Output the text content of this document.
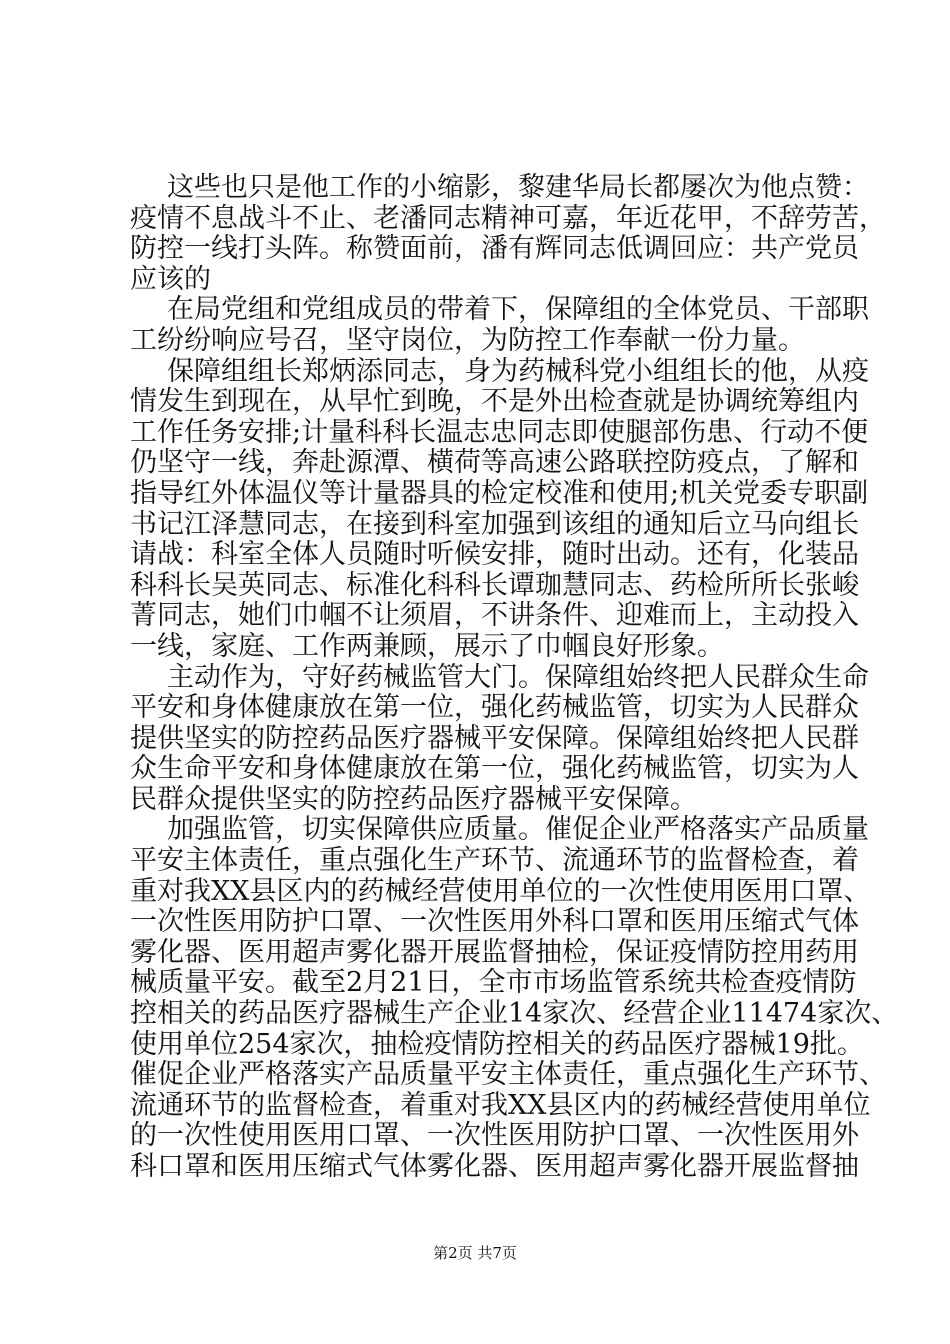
这些也只是他工作的小缩影，黎建华局长都屡次为他点赞：
疫情不息战斗不止、老潘同志精神可嘉，年近花甲，不辞劳苦，
防控一线打头阵。称赞面前，潘有辉同志低调回应：共产党员
应该的
在局党组和党组成员的带着下，保障组的全体党员、干部职
工纷纷响应号召，坚守岗位，为防控工作奉献一份力量。
保障组组长郑炳添同志，身为药械科党小组组长的他，从疫
情发生到现在，从早忙到晚，不是外出检查就是协调统筹组内
工作任务安排;计量科科长温志忠同志即使腿部伤患、行动不便
仍坚守一线，奔赴源潭、横荷等高速公路联控防疫点，了解和
指导红外体温仪等计量器具的检定校准和使用;机关党委专职副
书记江泽慧同志，在接到科室加强到该组的通知后立马向组长
请战：科室全体人员随时听候安排，随时出动。还有，化装品
科科长吴英同志、标准化科科长谭珈慧同志、药检所所长张峻
菁同志，她们巾帼不让须眉，不讲条件、迎难而上，主动投入
一线，家庭、工作两兼顾，展示了巾帼良好形象。
主动作为，守好药械监管大门。保障组始终把人民群众生命
平安和身体健康放在第一位，强化药械监管，切实为人民群众
提供坚实的防控药品医疗器械平安保障。保障组始终把人民群
众生命平安和身体健康放在第一位，强化药械监管，切实为人
民群众提供坚实的防控药品医疗器械平安保障。
加强监管，切实保障供应质量。催促企业严格落实产品质量
平安主体责任，重点强化生产环节、流通环节的监督检查，着
重对我XX县区内的药械经营使用单位的一次性使用医用口罩、
一次性医用防护口罩、一次性医用外科口罩和医用压缩式气体
雾化器、医用超声雾化器开展监督抽检，保证疫情防控用药用
械质量平安。截至2月21日，全市市场监管系统共检查疫情防
控相关的药品医疗器械生产企业14家次、经营企业11474家次、
使用单位254家次，抽检疫情防控相关的药品医疗器械19批。
催促企业严格落实产品质量平安主体责任，重点强化生产环节、
流通环节的监督检查，着重对我XX县区内的药械经营使用单位
的一次性使用医用口罩、一次性医用防护口罩、一次性医用外
科口罩和医用压缩式气体雾化器、医用超声雾化器开展监督抽
第2页 共7页
